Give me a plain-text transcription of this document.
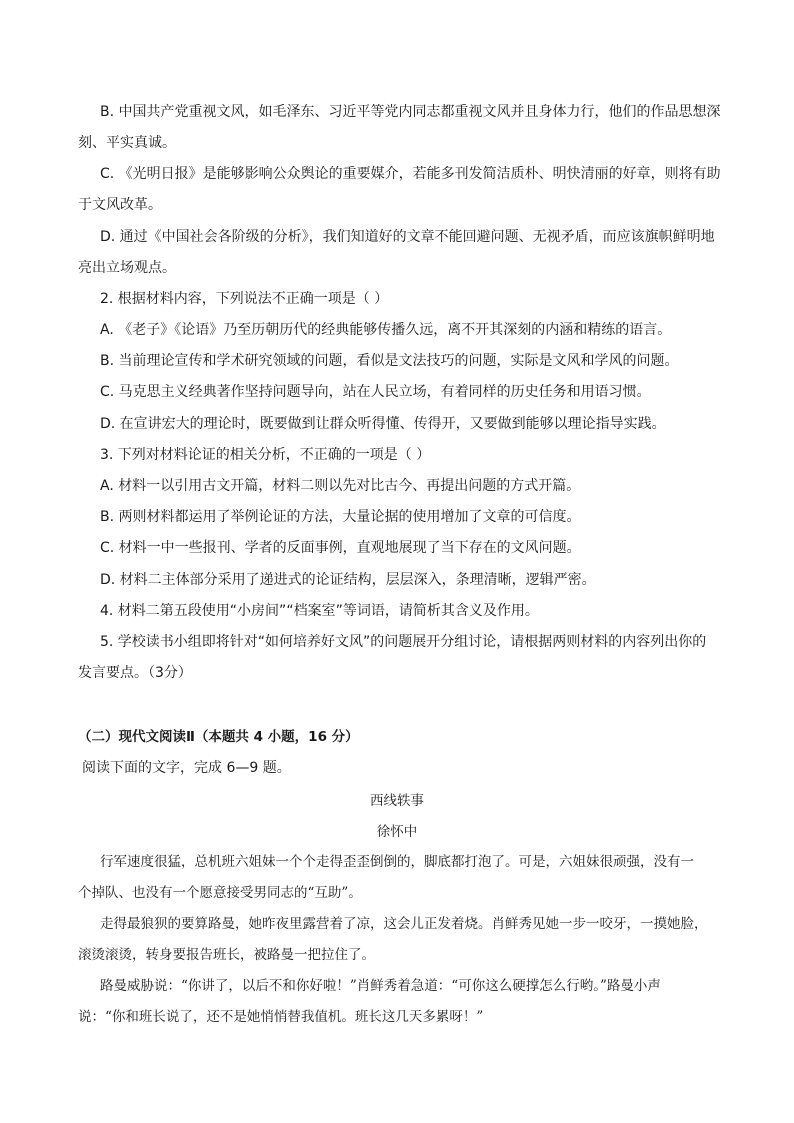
B. 中国共产党重视文风，如毛泽东、习近平等党内同志都重视文风并且身体力行，他们的作品思想深
刻、平实真诚。
C. 《光明日报》是能够影响公众舆论的重要媒介，若能多刊发简洁质朴、明快清丽的好章，则将有助
于文风改革。
D. 通过《中国社会各阶级的分析》，我们知道好的文章不能回避问题、无视矛盾，而应该旗帜鲜明地
亮出立场观点。
2. 根据材料内容，下列说法不正确一项是（ ）
A. 《老子》《论语》乃至历朝历代的经典能够传播久远，离不开其深刻的内涵和精练的语言。
B. 当前理论宣传和学术研究领域的问题，看似是文法技巧的问题，实际是文风和学风的问题。
C. 马克思主义经典著作坚持问题导向，站在人民立场，有着同样的历史任务和用语习惯。
D. 在宣讲宏大的理论时，既要做到让群众听得懂、传得开，又要做到能够以理论指导实践。
3. 下列对材料论证的相关分析，不正确的一项是（ ）
A. 材料一以引用古文开篇，材料二则以先对比古今、再提出问题的方式开篇。
B. 两则材料都运用了举例论证的方法，大量论据的使用增加了文章的可信度。
C. 材料一中一些报刊、学者的反面事例，直观地展现了当下存在的文风问题。
D. 材料二主体部分采用了递进式的论证结构，层层深入，条理清晰，逻辑严密。
4. 材料二第五段使用“小房间”“档案室”等词语，请简析其含义及作用。
5. 学校读书小组即将针对“如何培养好文风”的问题展开分组讨论，请根据两则材料的内容列出你的
发言要点。（3分）
（二）现代文阅读Ⅱ（本题共 4 小题，16 分）
阅读下面的文字，完成 6—9 题。
西线轶事
徐怀中
行军速度很猛，总机班六姐妹一个个走得歪歪倒倒的，脚底都打泡了。可是，六姐妹很顽强，没有一
个掉队、也没有一个愿意接受男同志的“互助”。
走得最狼狈的要算路曼，她昨夜里露营着了凉，这会儿正发着烧。肖鲜秀见她一步一咬牙，一摸她脸，
滚烫滚烫，转身要报告班长，被路曼一把拉住了。
路曼威胁说：“你讲了，以后不和你好啦！”肖鲜秀着急道：“可你这么硬撑怎么行哟。”路曼小声
说：“你和班长说了，还不是她悄悄替我值机。班长这几天多累呀！”
